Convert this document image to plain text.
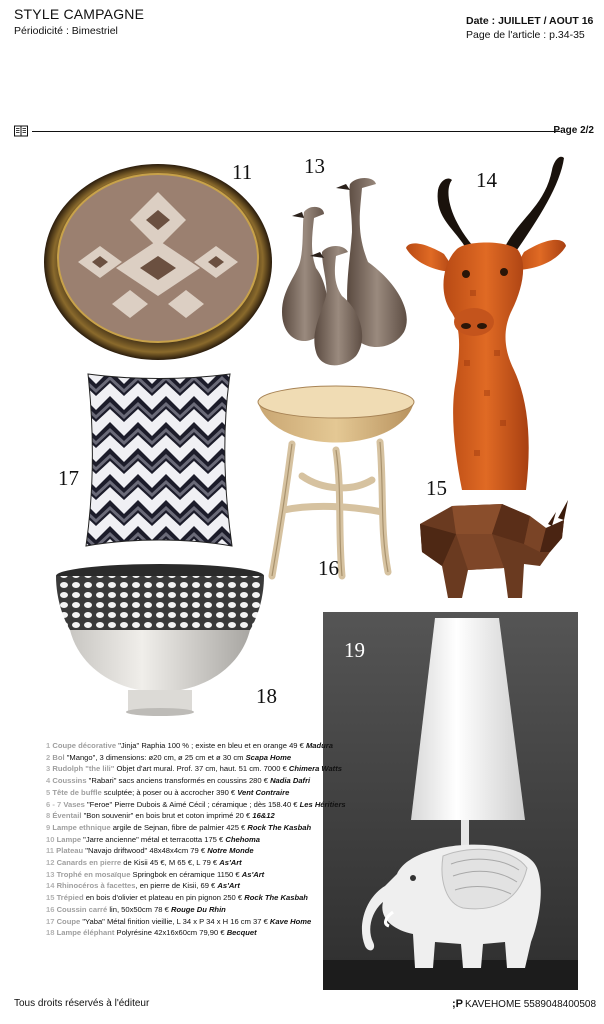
STYLE CAMPAGNE
Périodicité : Bimestriel
Date : JUILLET / AOUT 16
Page de l'article : p.34-35
Page 2/2
11 13
14
17
16
15
18
19
1 Coupe décorative "Jinja" Raphia 100 % ; existe en bleu et en orange 49 € Madura
2 Bol "Mango", 3 dimensions: ø20 cm, ø 25 cm et ø 30 cm Scapa Home
3 Rudolph "the lili" Objet d'art mural. Prof. 37 cm, haut. 51 cm. 7000 € Chimera Watts
4 Coussins "Rabari" sacs anciens transformés en coussins 280 € Nadia Dafri
5 Tête de buffle sculptée; à poser ou à accrocher 390 € Vent Contraire
6 - 7 Vases "Feroe" Pierre Dubois & Aimé Cécil ; céramique ; dès 158.40 € Les Héritiers
8 Éventail "Bon souvenir" en bois brut et coton imprimé 20 € 16&12
9 Lampe ethnique argile de Sejnan, fibre de palmier 425 € Rock The Kasbah
10 Lampe "Jarre ancienne" métal et terracotta 175 € Chehoma
11 Plateau "Navajo driftwood" 48x48x4cm 79 € Notre Monde
12 Canards en pierre de Kisii 45 €, M 65 €, L 79 € As'Art
13 Trophé en mosaïque Springbok en céramique 1150 € As'Art
14 Rhinocéros à facettes, en pierre de Kisii, 69 € As'Art
15 Trépied en bois d'olivier et plateau en pin pignon 250 € Rock The Kasbah
16 Coussin carré lin, 50x50cm 78 € Rouge Du Rhin
17 Coupe "Yaba" Métal finition vieillie, L 34 x P 34 x H 16 cm 37 € Kave Home
18 Lampe éléphant Polyrésine 42x16x60cm 79,90 € Becquet
Tous droits réservés à l'éditeur	;P KAVEHOME 5589048400508
